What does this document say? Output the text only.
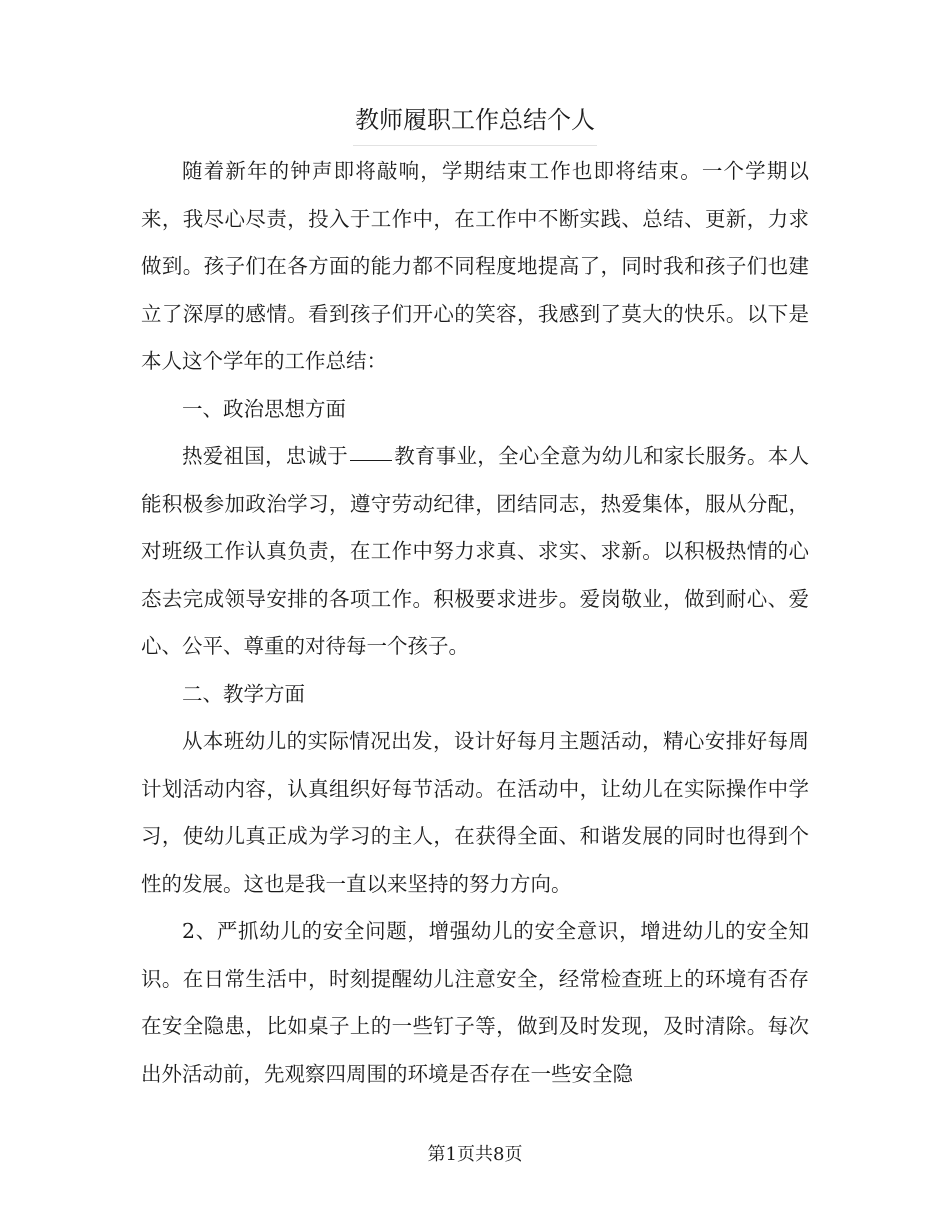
教师履职工作总结个人

随着新年的钟声即将敲响，学期结束工作也即将结束。一个学期以来，我尽心尽责，投入于工作中，在工作中不断实践、总结、更新，力求做到。孩子们在各方面的能力都不同程度地提高了，同时我和孩子们也建立了深厚的感情。看到孩子们开心的笑容，我感到了莫大的快乐。以下是本人这个学年的工作总结：

一、政治思想方面

热爱祖国，忠诚于 教育事业，全心全意为幼儿和家长服务。本人能积极参加政治学习，遵守劳动纪律，团结同志，热爱集体，服从分配，对班级工作认真负责，在工作中努力求真、求实、求新。以积极热情的心态去完成领导安排的各项工作。积极要求进步。爱岗敬业，做到耐心、爱心、公平、尊重的对待每一个孩子。

二、教学方面

从本班幼儿的实际情况出发，设计好每月主题活动，精心安排好每周计划活动内容，认真组织好每节活动。在活动中，让幼儿在实际操作中学习，使幼儿真正成为学习的主人，在获得全面、和谐发展的同时也得到个性的发展。这也是我一直以来坚持的努力方向。

2、严抓幼儿的安全问题，增强幼儿的安全意识，增进幼儿的安全知识。在日常生活中，时刻提醒幼儿注意安全，经常检查班上的环境有否存在安全隐患，比如桌子上的一些钉子等，做到及时发现，及时清除。每次出外活动前，先观察四周围的环境是否存在一些安全隐

第1页共8页
